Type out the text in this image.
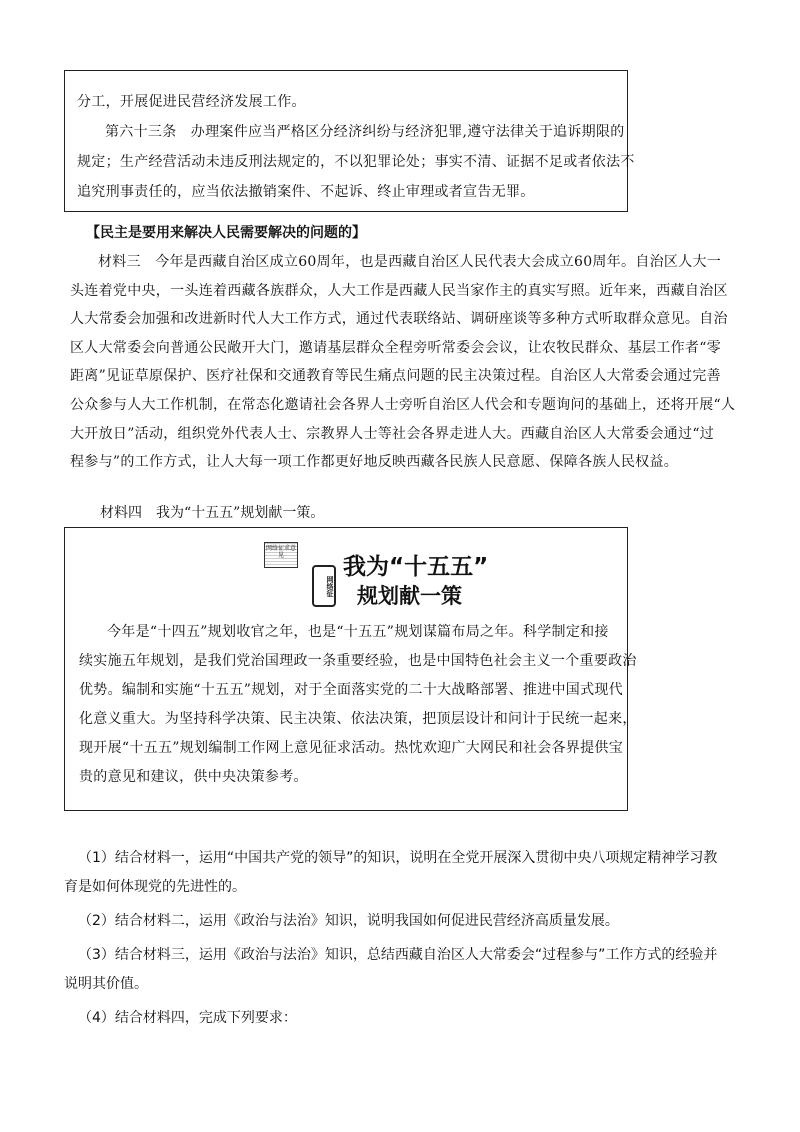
分工，开展促进民营经济发展工作。
第六十三条　办理案件应当严格区分经济纠纷与经济犯罪,遵守法律关于追诉期限的
规定；生产经营活动未违反刑法规定的，不以犯罪论处；事实不清、证据不足或者依法不
追究刑事责任的，应当依法撤销案件、不起诉、终止审理或者宣告无罪。
【民主是要用来解决人民需要解决的问题的】
材料三　今年是西藏自治区成立60周年，也是西藏自治区人民代表大会成立60周年。自治区人大一
头连着党中央，一头连着西藏各族群众，人大工作是西藏人民当家作主的真实写照。近年来，西藏自治区
人大常委会加强和改进新时代人大工作方式，通过代表联络站、调研座谈等多种方式听取群众意见。自治
区人大常委会向普通公民敞开大门，邀请基层群众全程旁听常委会会议，让农牧民群众、基层工作者“零
距离”见证草原保护、医疗社保和交通教育等民生痛点问题的民主决策过程。自治区人大常委会通过完善
公众参与人大工作机制，在常态化邀请社会各界人士旁听自治区人代会和专题询问的基础上，还将开展“人
大开放日”活动，组织党外代表人士、宗教界人士等社会各界走进人大。西藏自治区人大常委会通过“过
程参与”的工作方式，让人大每一项工作都更好地反映西藏各民族人民意愿、保障各族人民权益。
材料四　我为“十五五”规划献一策。
网络征求意见
网络征
我为“十五五”
规划献一策
今年是“十四五”规划收官之年，也是“十五五”规划谋篇布局之年。科学制定和接
续实施五年规划，是我们党治国理政一条重要经验，也是中国特色社会主义一个重要政治
优势。编制和实施“十五五”规划，对于全面落实党的二十大战略部署、推进中国式现代
化意义重大。为坚持科学决策、民主决策、依法决策，把顶层设计和问计于民统一起来，
现开展“十五五”规划编制工作网上意见征求活动。热忱欢迎广大网民和社会各界提供宝
贵的意见和建议，供中央决策参考。
（1）结合材料一，运用“中国共产党的领导”的知识，说明在全党开展深入贯彻中央八项规定精神学习教
育是如何体现党的先进性的。
（2）结合材料二，运用《政治与法治》知识，说明我国如何促进民营经济高质量发展。
（3）结合材料三，运用《政治与法治》知识，总结西藏自治区人大常委会“过程参与”工作方式的经验并
说明其价值。
（4）结合材料四，完成下列要求：
